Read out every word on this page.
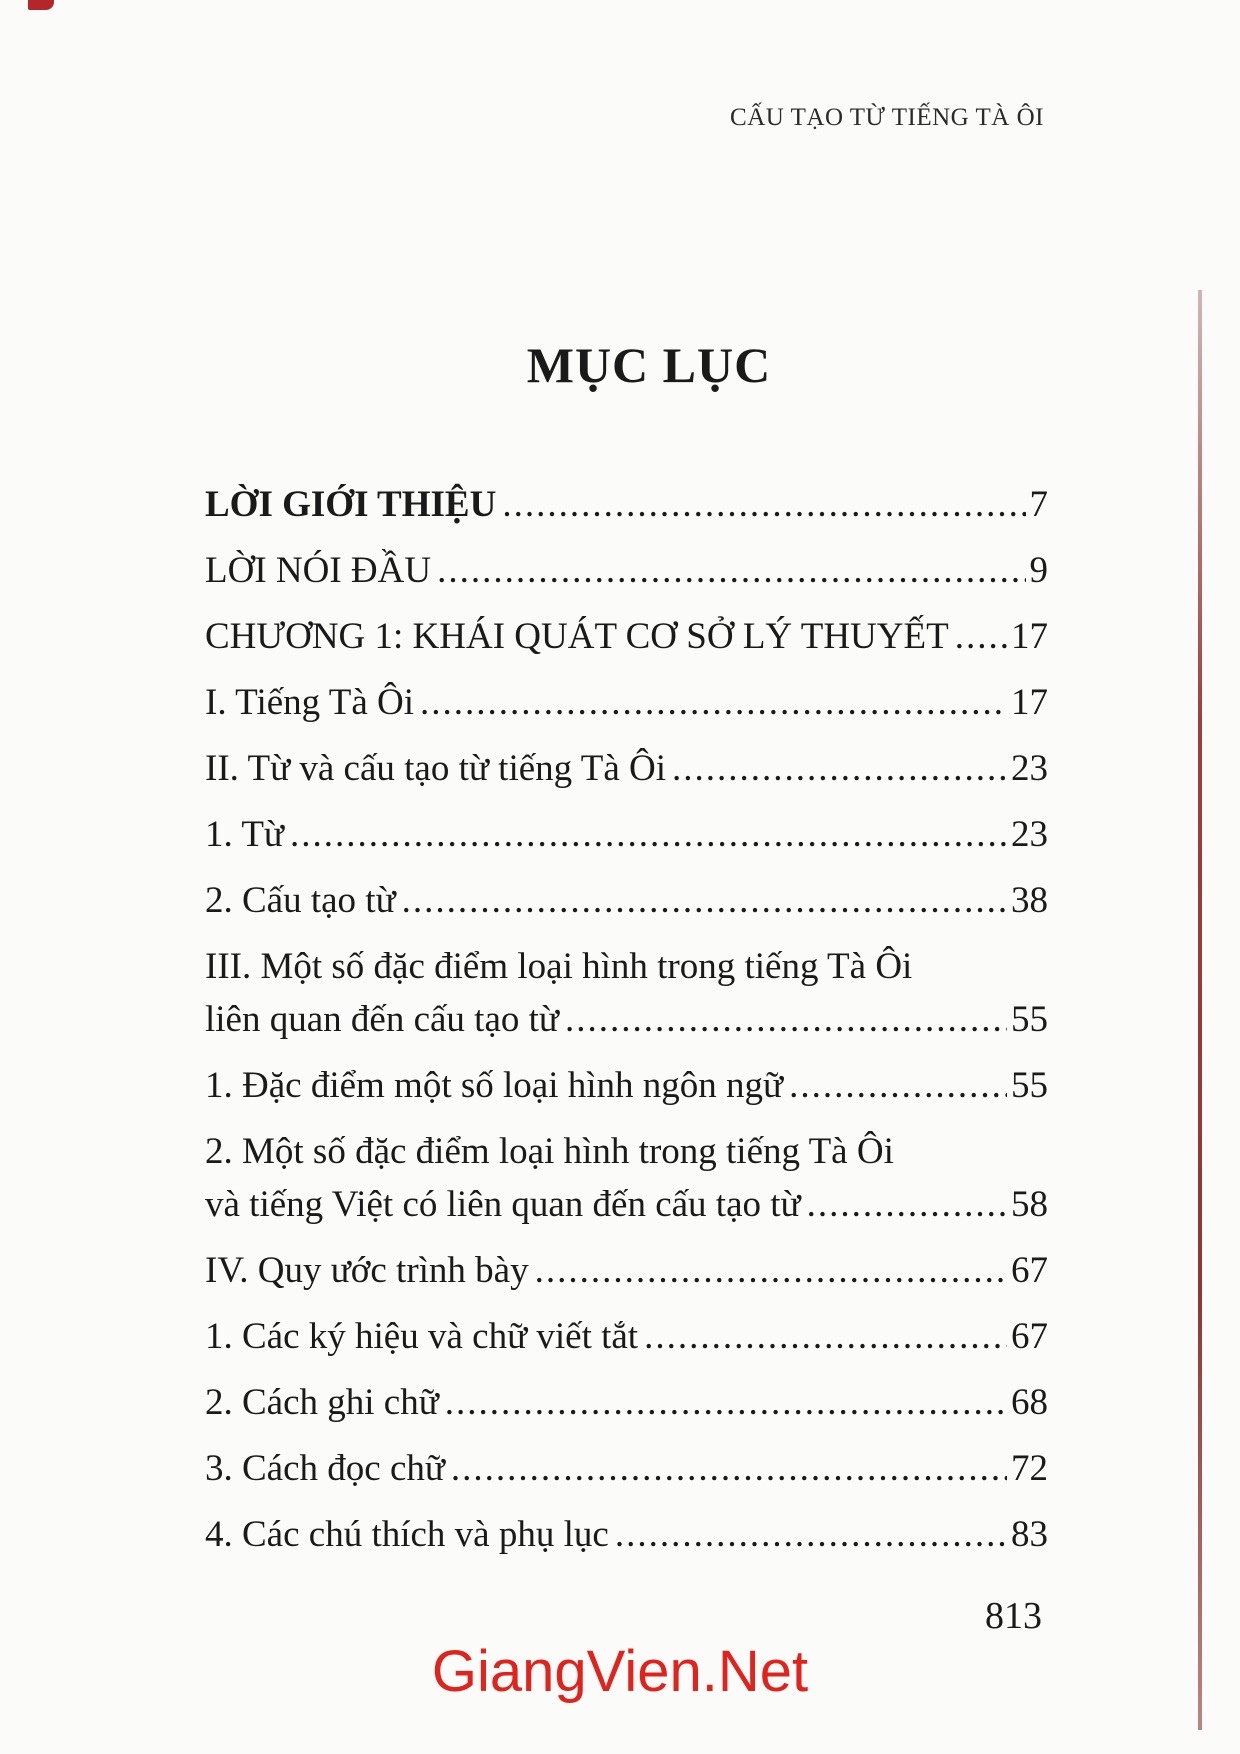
CẤU TẠO TỪ TIẾNG TÀ ÔI
MỤC LỤC
LỜI GIỚI THIỆU .....	7
LỜI NÓI ĐẦU .....	9
CHƯƠNG 1: KHÁI QUÁT CƠ SỞ LÝ THUYẾT ..... 17
I. Tiếng Tà Ôi .....	17
II. Từ và cấu tạo từ tiếng Tà Ôi .....	23
1. Từ .....	23
2. Cấu tạo từ .....	38
III. Một số đặc điểm loại hình trong tiếng Tà Ôi
liên quan đến cấu tạo từ .....	55
1. Đặc điểm một số loại hình ngôn ngữ .....	55
2. Một số đặc điểm loại hình trong tiếng Tà Ôi
và tiếng Việt có liên quan đến cấu tạo từ .....	58
IV. Quy ước trình bày .....	67
1. Các ký hiệu và chữ viết tắt .....	67
2. Cách ghi chữ .....	68
3. Cách đọc chữ .....	72
4. Các chú thích và phụ lục .....	83
813
GiangVien.Net
